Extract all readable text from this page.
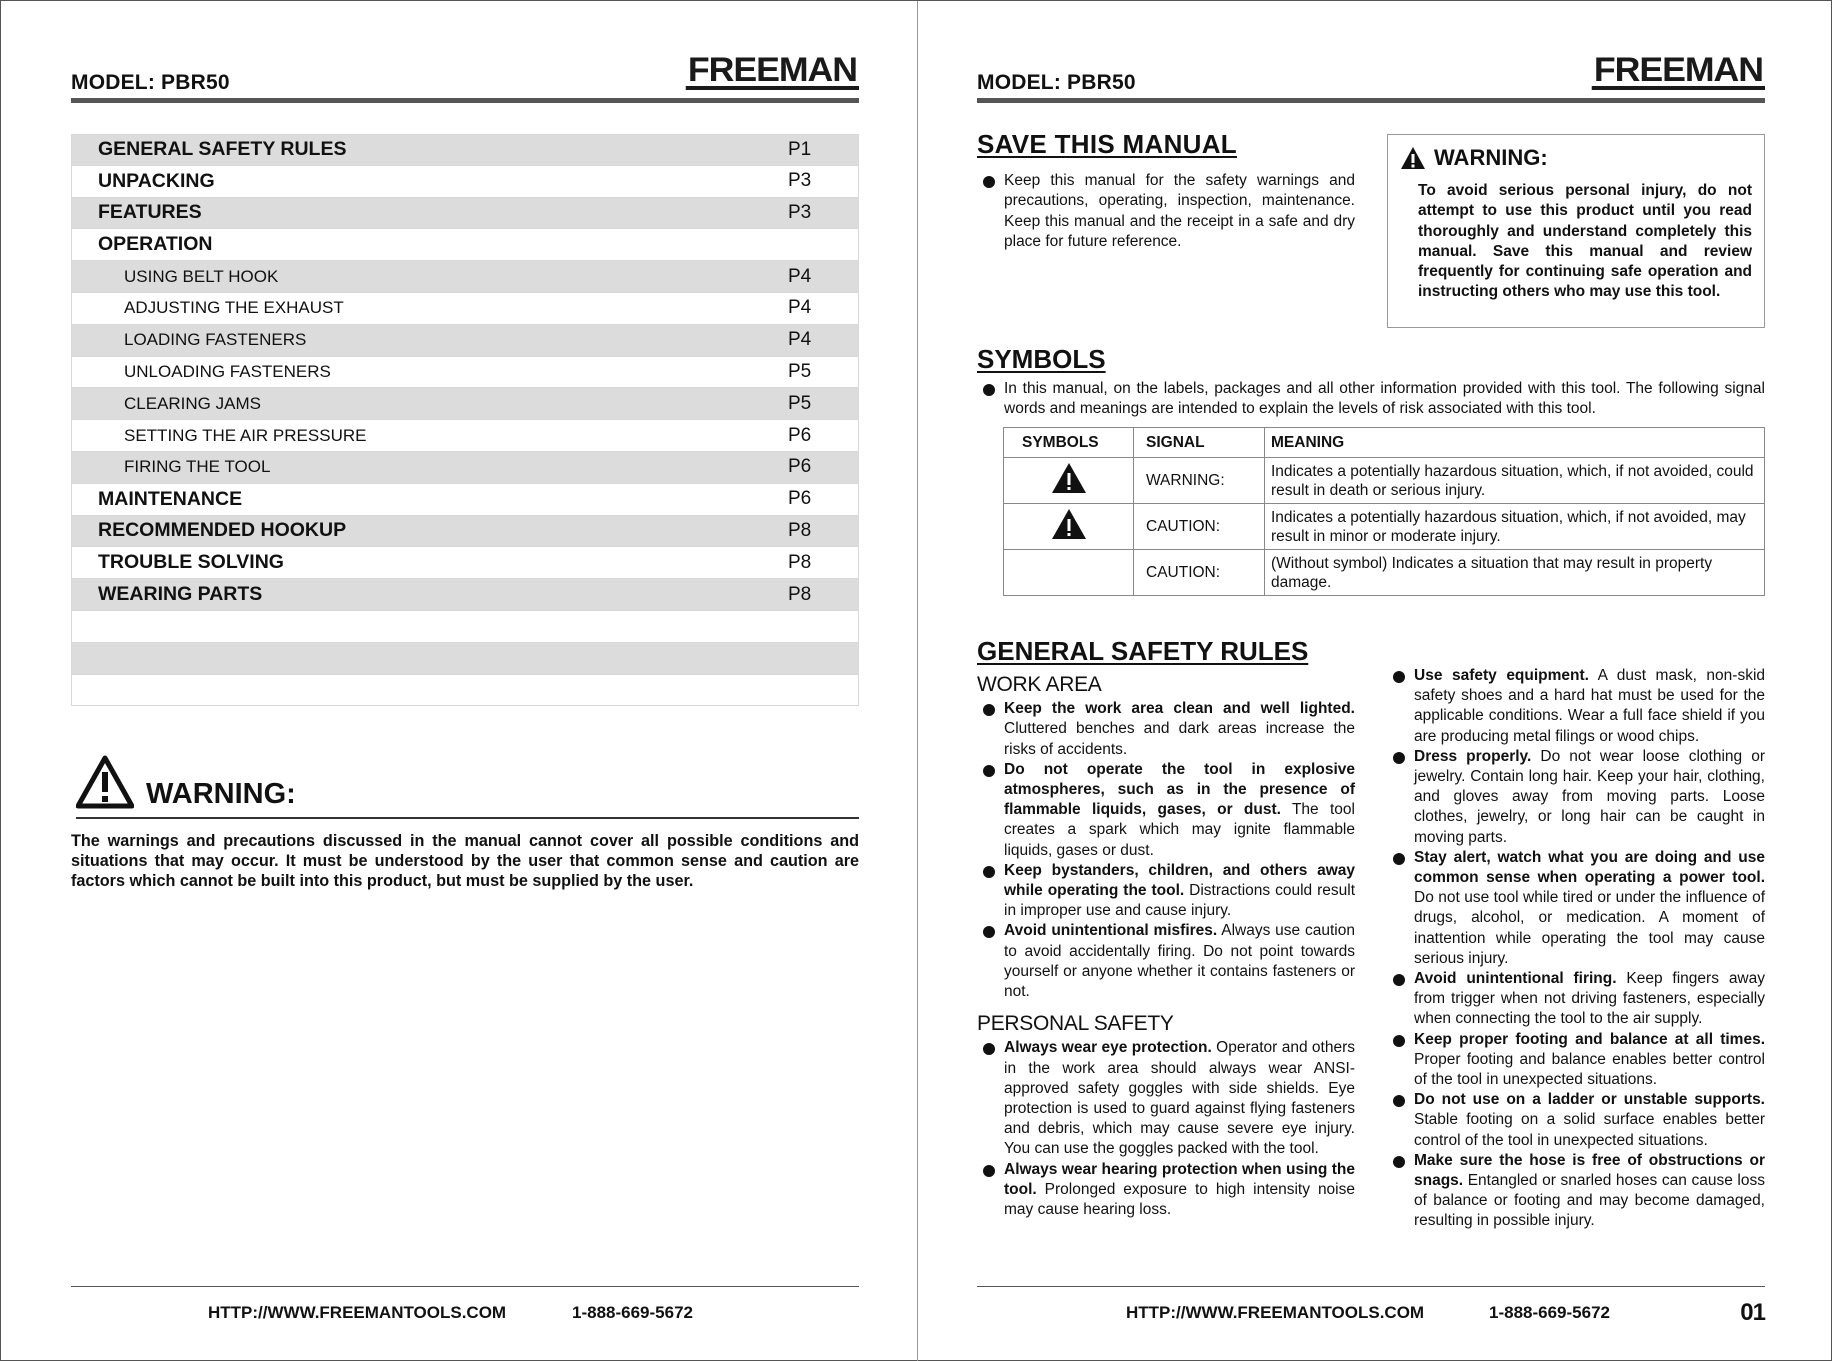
MODEL: PBR50	FREEMAN
GENERAL SAFETY RULES	P1
UNPACKING	P3
FEATURES	P3
OPERATION
USING BELT HOOK	P4
ADJUSTING THE EXHAUST	P4
LOADING FASTENERS	P4
UNLOADING FASTENERS	P5
CLEARING JAMS	P5
SETTING THE AIR PRESSURE	P6
FIRING THE TOOL	P6
MAINTENANCE	P6
RECOMMENDED HOOKUP	P8
TROUBLE SOLVING	P8
WEARING PARTS	P8
WARNING:

The warnings and precautions discussed in the manual cannot cover all possible conditions and situations that may occur. It must be understood by the user that common sense and caution are factors which cannot be built into this product, but must be supplied by the user.

HTTP://WWW.FREEMANTOOLS.COM	1-888-669-5672
MODEL: PBR50	FREEMAN
SAVE THIS MANUAL

Keep this manual for the safety warnings and precautions, operating, inspection, maintenance. Keep this manual and the receipt in a safe and dry place for future reference.

WARNING:

To avoid serious personal injury, do not attempt to use this product until you read thoroughly and understand completely this manual. Save this manual and review frequently for continuing safe operation and instructing others who may use this tool.

SYMBOLS

In this manual, on the labels, packages and all other information provided with this tool. The following signal words and meanings are intended to explain the levels of risk associated with this tool.

SYMBOLS	SIGNAL	MEANING
	WARNING:	Indicates a potentially hazardous situation, which, if not avoided, could result in death or serious injury.
	CAUTION:	Indicates a potentially hazardous situation, which, if not avoided, may result in minor or moderate injury.
	CAUTION:	(Without symbol) Indicates a situation that may result in property damage.
GENERAL SAFETY RULES
WORK AREA

Keep the work area clean and well lighted. Cluttered benches and dark areas increase the risks of accidents.

Do not operate the tool in explosive atmospheres, such as in the presence of flammable liquids, gases, or dust. The tool creates a spark which may ignite flammable liquids, gases or dust.

Keep bystanders, children, and others away while operating the tool. Distractions could result in improper use and cause injury.

Avoid unintentional misfires. Always use caution to avoid accidentally firing. Do not point towards yourself or anyone whether it contains fasteners or not.

PERSONAL SAFETY

Always wear eye protection. Operator and others in the work area should always wear ANSI-approved safety goggles with side shields. Eye protection is used to guard against flying fasteners and debris, which may cause severe eye injury. You can use the goggles packed with the tool.

Always wear hearing protection when using the tool. Prolonged exposure to high intensity noise may cause hearing loss.

Use safety equipment. A dust mask, non-skid safety shoes and a hard hat must be used for the applicable conditions. Wear a full face shield if you are producing metal filings or wood chips.

Dress properly. Do not wear loose clothing or jewelry. Contain long hair. Keep your hair, clothing, and gloves away from moving parts. Loose clothes, jewelry, or long hair can be caught in moving parts.

Stay alert, watch what you are doing and use common sense when operating a power tool. Do not use tool while tired or under the influence of drugs, alcohol, or medication. A moment of inattention while operating the tool may cause serious injury.

Avoid unintentional firing. Keep fingers away from trigger when not driving fasteners, especially when connecting the tool to the air supply.

Keep proper footing and balance at all times. Proper footing and balance enables better control of the tool in unexpected situations.

Do not use on a ladder or unstable supports. Stable footing on a solid surface enables better control of the tool in unexpected situations.

Make sure the hose is free of obstructions or snags. Entangled or snarled hoses can cause loss of balance or footing and may become damaged, resulting in possible injury.

HTTP://WWW.FREEMANTOOLS.COM	1-888-669-5672	01
